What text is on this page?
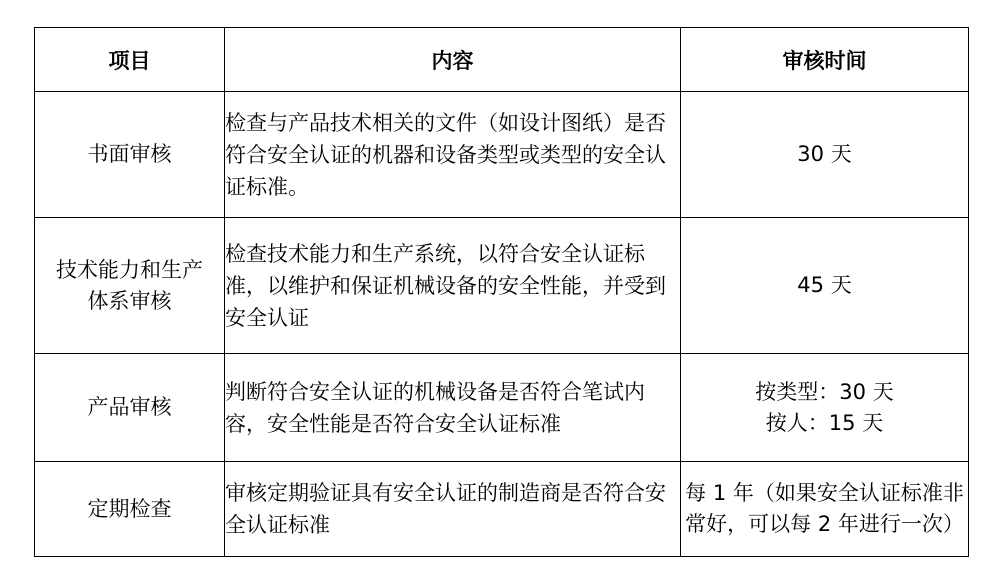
项目	内容	审核时间

书面审核	检查与产品技术相关的文件（如设计图纸）是否符合安全认证的机器和设备类型或类型的安全认证标准。	30 天

技术能力和生产
体系审核	检查技术能力和生产系统，以符合安全认证标准，以维护和保证机械设备的安全性能，并受到安全认证	45 天

产品审核	判断符合安全认证的机械设备是否符合笔试内容，安全性能是否符合安全认证标准	按类型：30 天
按人：15 天

定期检查	审核定期验证具有安全认证的制造商是否符合安全认证标准	每 1 年（如果安全认证标准非常好，可以每 2 年进行一次）
